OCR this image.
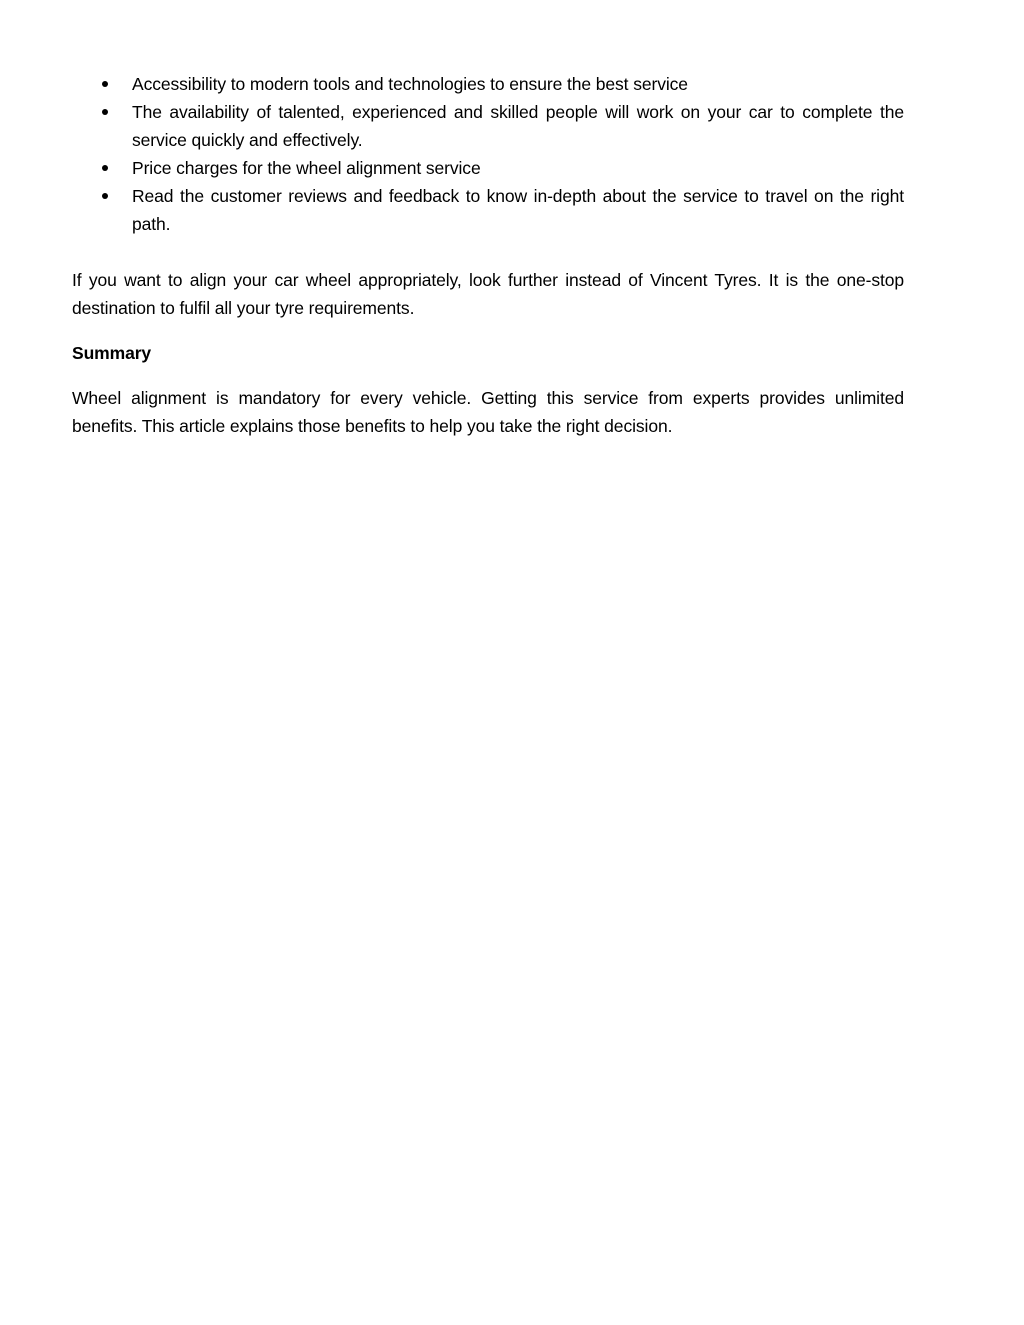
Accessibility to modern tools and technologies to ensure the best service
The availability of talented, experienced and skilled people will work on your car to complete the service quickly and effectively.
Price charges for the wheel alignment service
Read the customer reviews and feedback to know in-depth about the service to travel on the right path.

If you want to align your car wheel appropriately, look further instead of Vincent Tyres. It is the one-stop destination to fulfil all your tyre requirements.

Summary

Wheel alignment is mandatory for every vehicle. Getting this service from experts provides unlimited benefits. This article explains those benefits to help you take the right decision.
